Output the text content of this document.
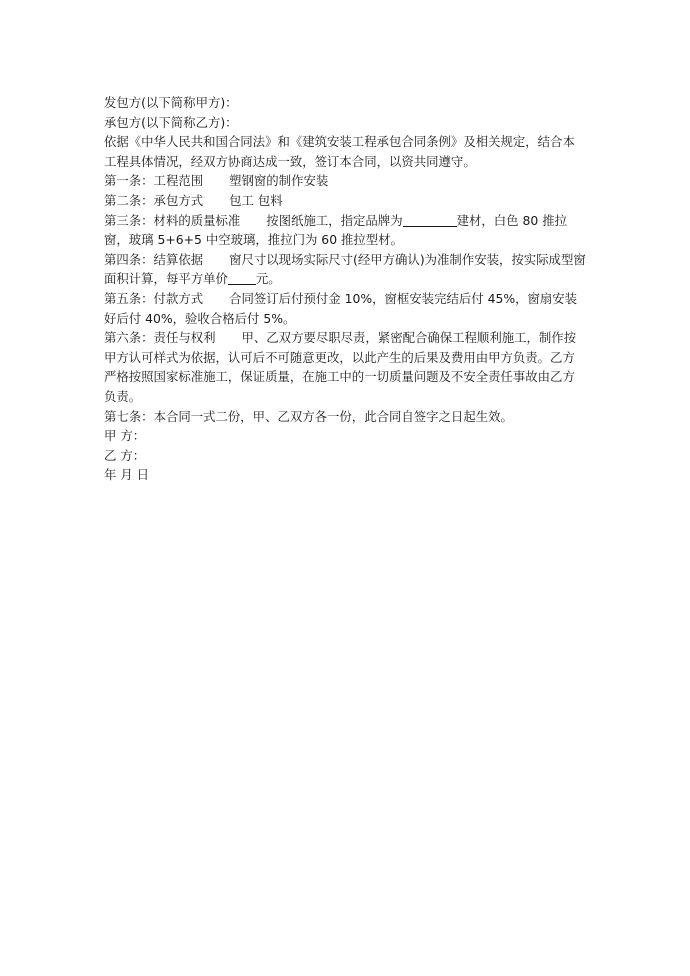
发包方(以下简称甲方)：
承包方(以下简称乙方)：
依据《中华人民共和国合同法》和《建筑安装工程承包合同条例》及相关规定，结合本工程具体情况，经双方协商达成一致，签订本合同，以资共同遵守。
第一条：工程范围 塑钢窗的制作安装
第二条：承包方式 包工 包料
第三条：材料的质量标准 按图纸施工，指定品牌为	建材，白色 80 推拉窗，玻璃 5+6+5 中空玻璃，推拉门为 60 推拉型材。
第四条：结算依据 窗尺寸以现场实际尺寸(经甲方确认)为准制作安装，按实际成型窗面积计算，每平方单价 元。
第五条：付款方式 合同签订后付预付金 10%，窗框安装完结后付 45%，窗扇安装好后付 40%，验收合格后付 5%。
第六条：责任与权利 甲、乙双方要尽职尽责，紧密配合确保工程顺利施工，制作按甲方认可样式为依据，认可后不可随意更改，以此产生的后果及费用由甲方负责。乙方严格按照国家标准施工，保证质量，在施工中的一切质量问题及不安全责任事故由乙方负责。
第七条：本合同一式二份，甲、乙双方各一份，此合同自签字之日起生效。
甲 方：
乙 方：
年 月 日
